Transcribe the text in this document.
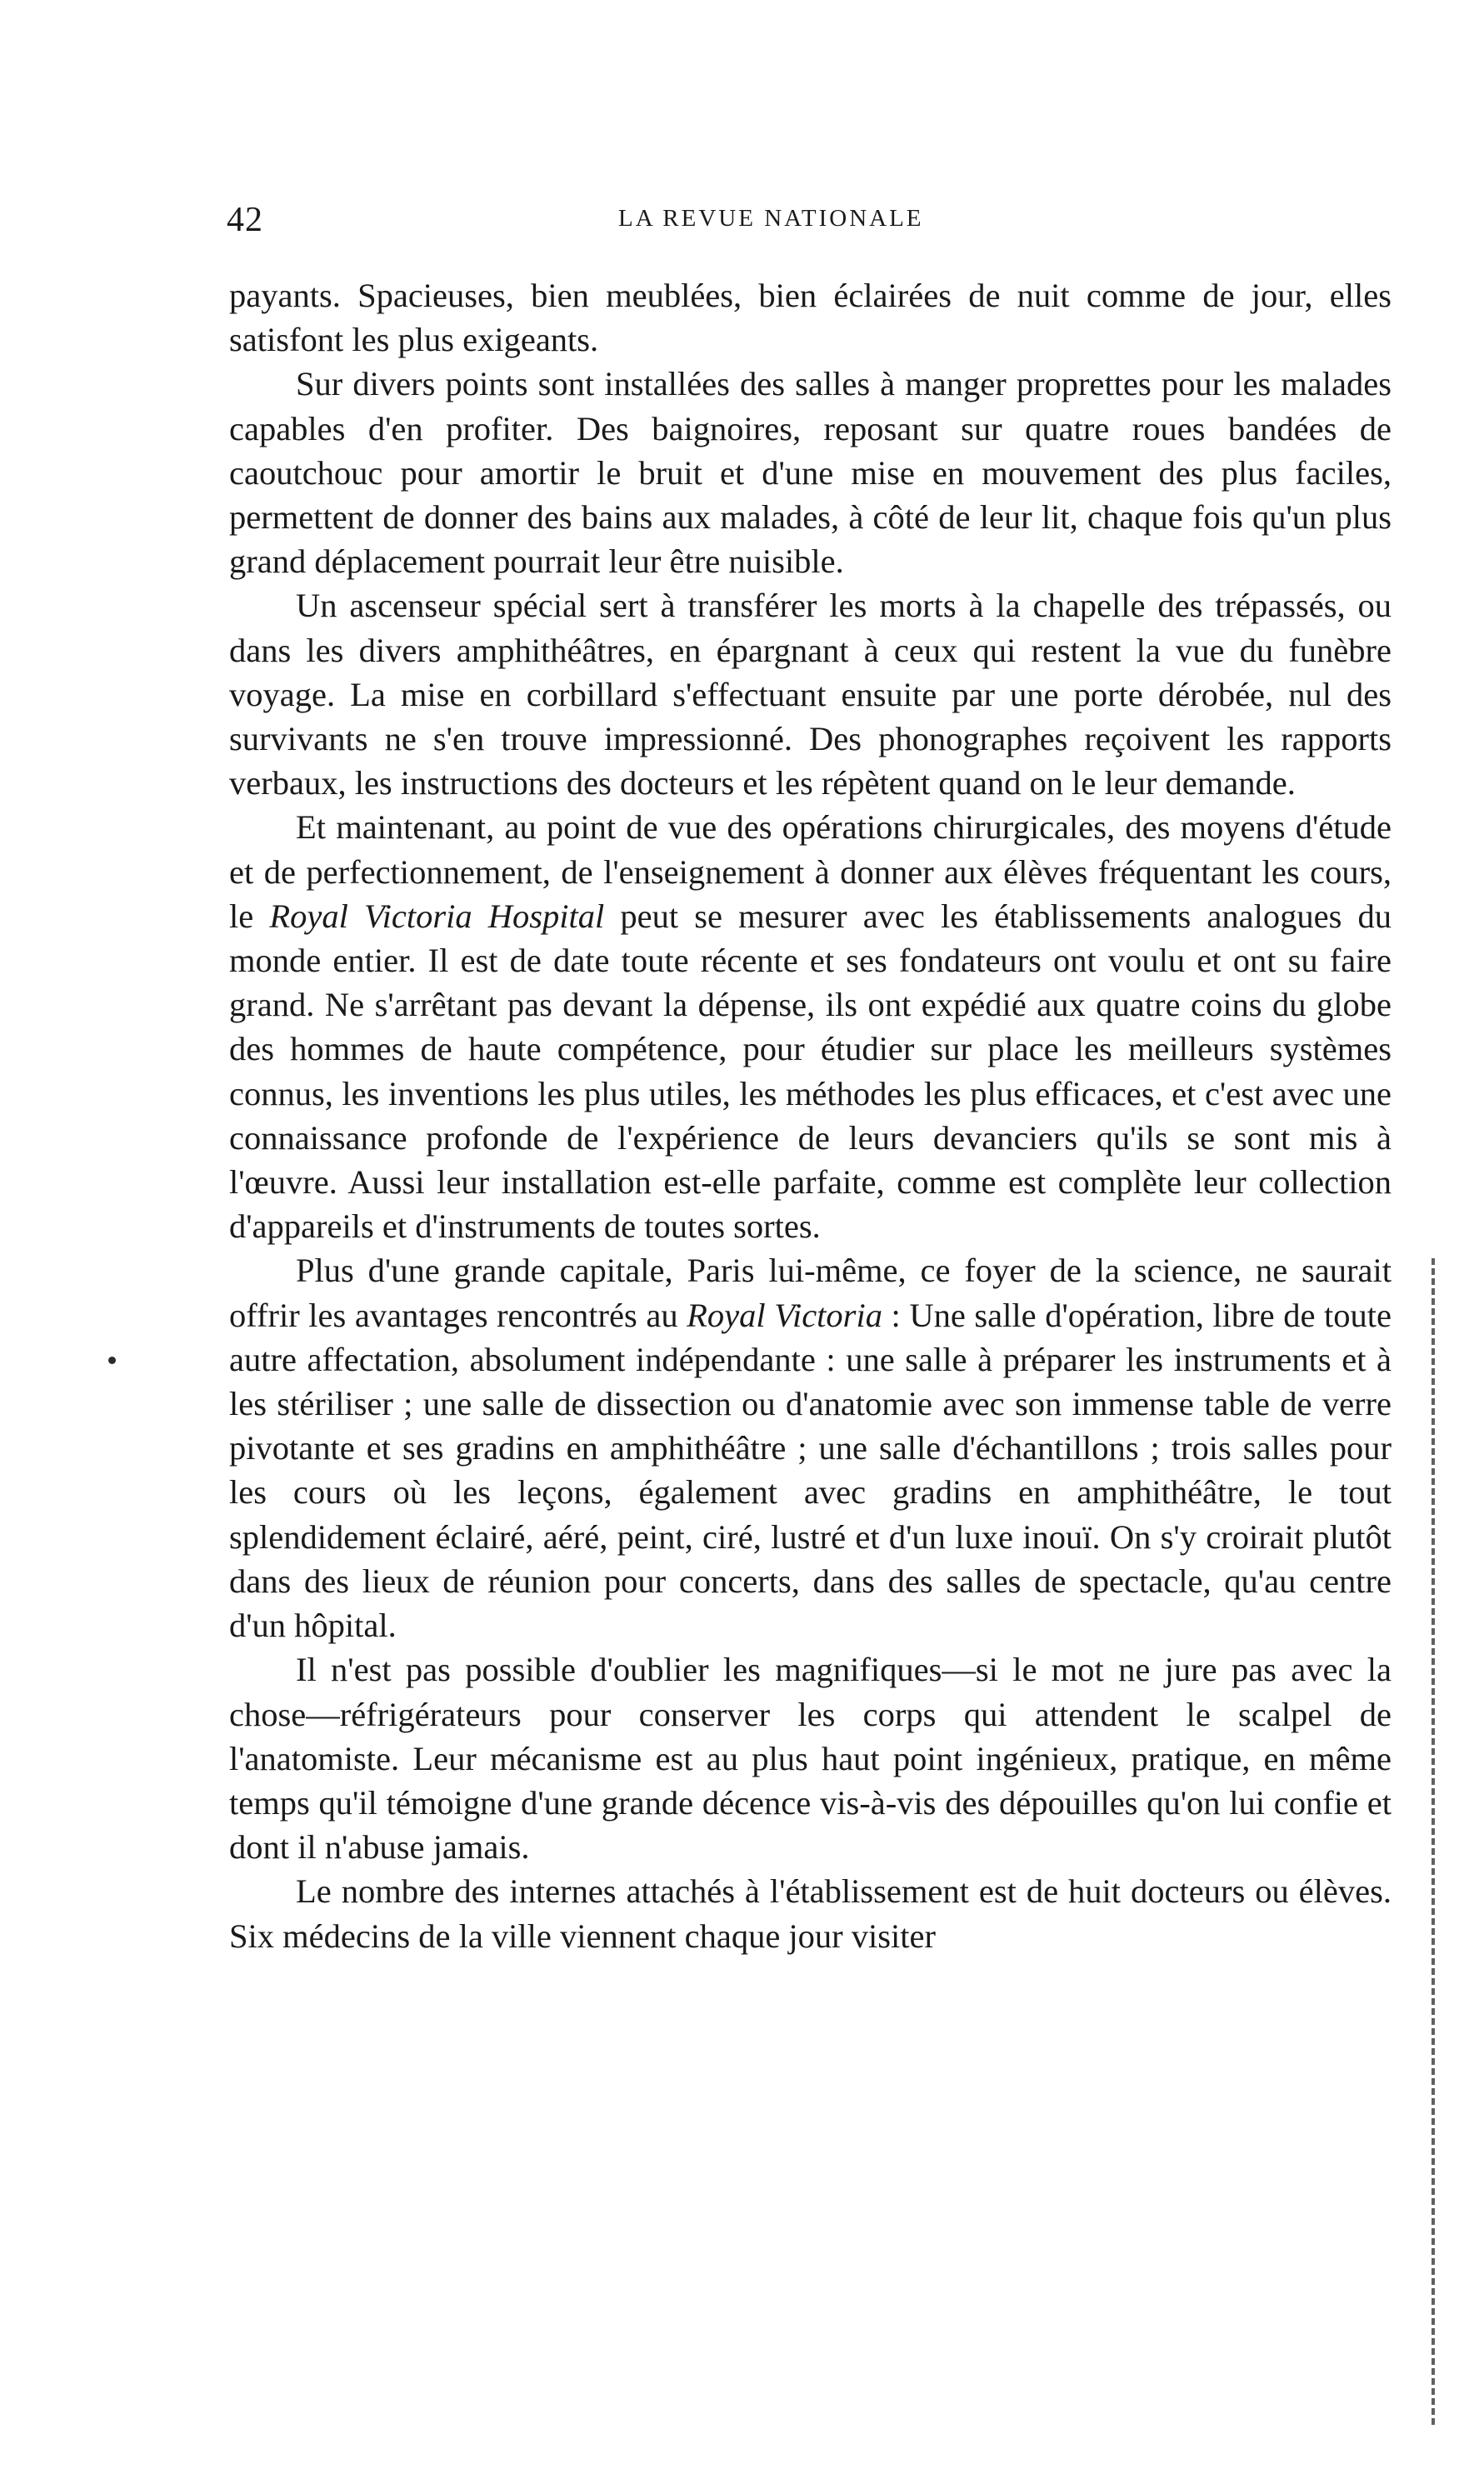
42	LA REVUE NATIONALE

payants. Spacieuses, bien meublées, bien éclairées de nuit comme de jour, elles satisfont les plus exigeants.

Sur divers points sont installées des salles à manger proprettes pour les malades capables d'en profiter. Des baignoires, reposant sur quatre roues bandées de caoutchouc pour amortir le bruit et d'une mise en mouvement des plus faciles, permettent de donner des bains aux malades, à côté de leur lit, chaque fois qu'un plus grand déplacement pourrait leur être nuisible.

Un ascenseur spécial sert à transférer les morts à la chapelle des trépassés, ou dans les divers amphithéâtres, en épargnant à ceux qui restent la vue du funèbre voyage. La mise en corbillard s'effectuant ensuite par une porte dérobée, nul des survivants ne s'en trouve impressionné. Des phonographes reçoivent les rapports verbaux, les instructions des docteurs et les répètent quand on le leur demande.

Et maintenant, au point de vue des opérations chirurgicales, des moyens d'étude et de perfectionnement, de l'enseignement à donner aux élèves fréquentant les cours, le Royal Victoria Hospital peut se mesurer avec les établissements analogues du monde entier. Il est de date toute récente et ses fondateurs ont voulu et ont su faire grand. Ne s'arrêtant pas devant la dépense, ils ont expédié aux quatre coins du globe des hommes de haute compétence, pour étudier sur place les meilleurs systèmes connus, les inventions les plus utiles, les méthodes les plus efficaces, et c'est avec une connaissance profonde de l'expérience de leurs devanciers qu'ils se sont mis à l'œuvre. Aussi leur installation est-elle parfaite, comme est complète leur collection d'appareils et d'instruments de toutes sortes.

Plus d'une grande capitale, Paris lui-même, ce foyer de la science, ne saurait offrir les avantages rencontrés au Royal Victoria : Une salle d'opération, libre de toute autre affectation, absolument indépendante : une salle à préparer les instruments et à les stériliser ; une salle de dissection ou d'anatomie avec son immense table de verre pivotante et ses gradins en amphithéâtre ; une salle d'échantillons ; trois salles pour les cours où les leçons, également avec gradins en amphithéâtre, le tout splendidement éclairé, aéré, peint, ciré, lustré et d'un luxe inouï. On s'y croirait plutôt dans des lieux de réunion pour concerts, dans des salles de spectacle, qu'au centre d'un hôpital.

Il n'est pas possible d'oublier les magnifiques—si le mot ne jure pas avec la chose—réfrigérateurs pour conserver les corps qui attendent le scalpel de l'anatomiste. Leur mécanisme est au plus haut point ingénieux, pratique, en même temps qu'il témoigne d'une grande décence vis-à-vis des dépouilles qu'on lui confie et dont il n'abuse jamais.

Le nombre des internes attachés à l'établissement est de huit docteurs ou élèves. Six médecins de la ville viennent chaque jour visiter
